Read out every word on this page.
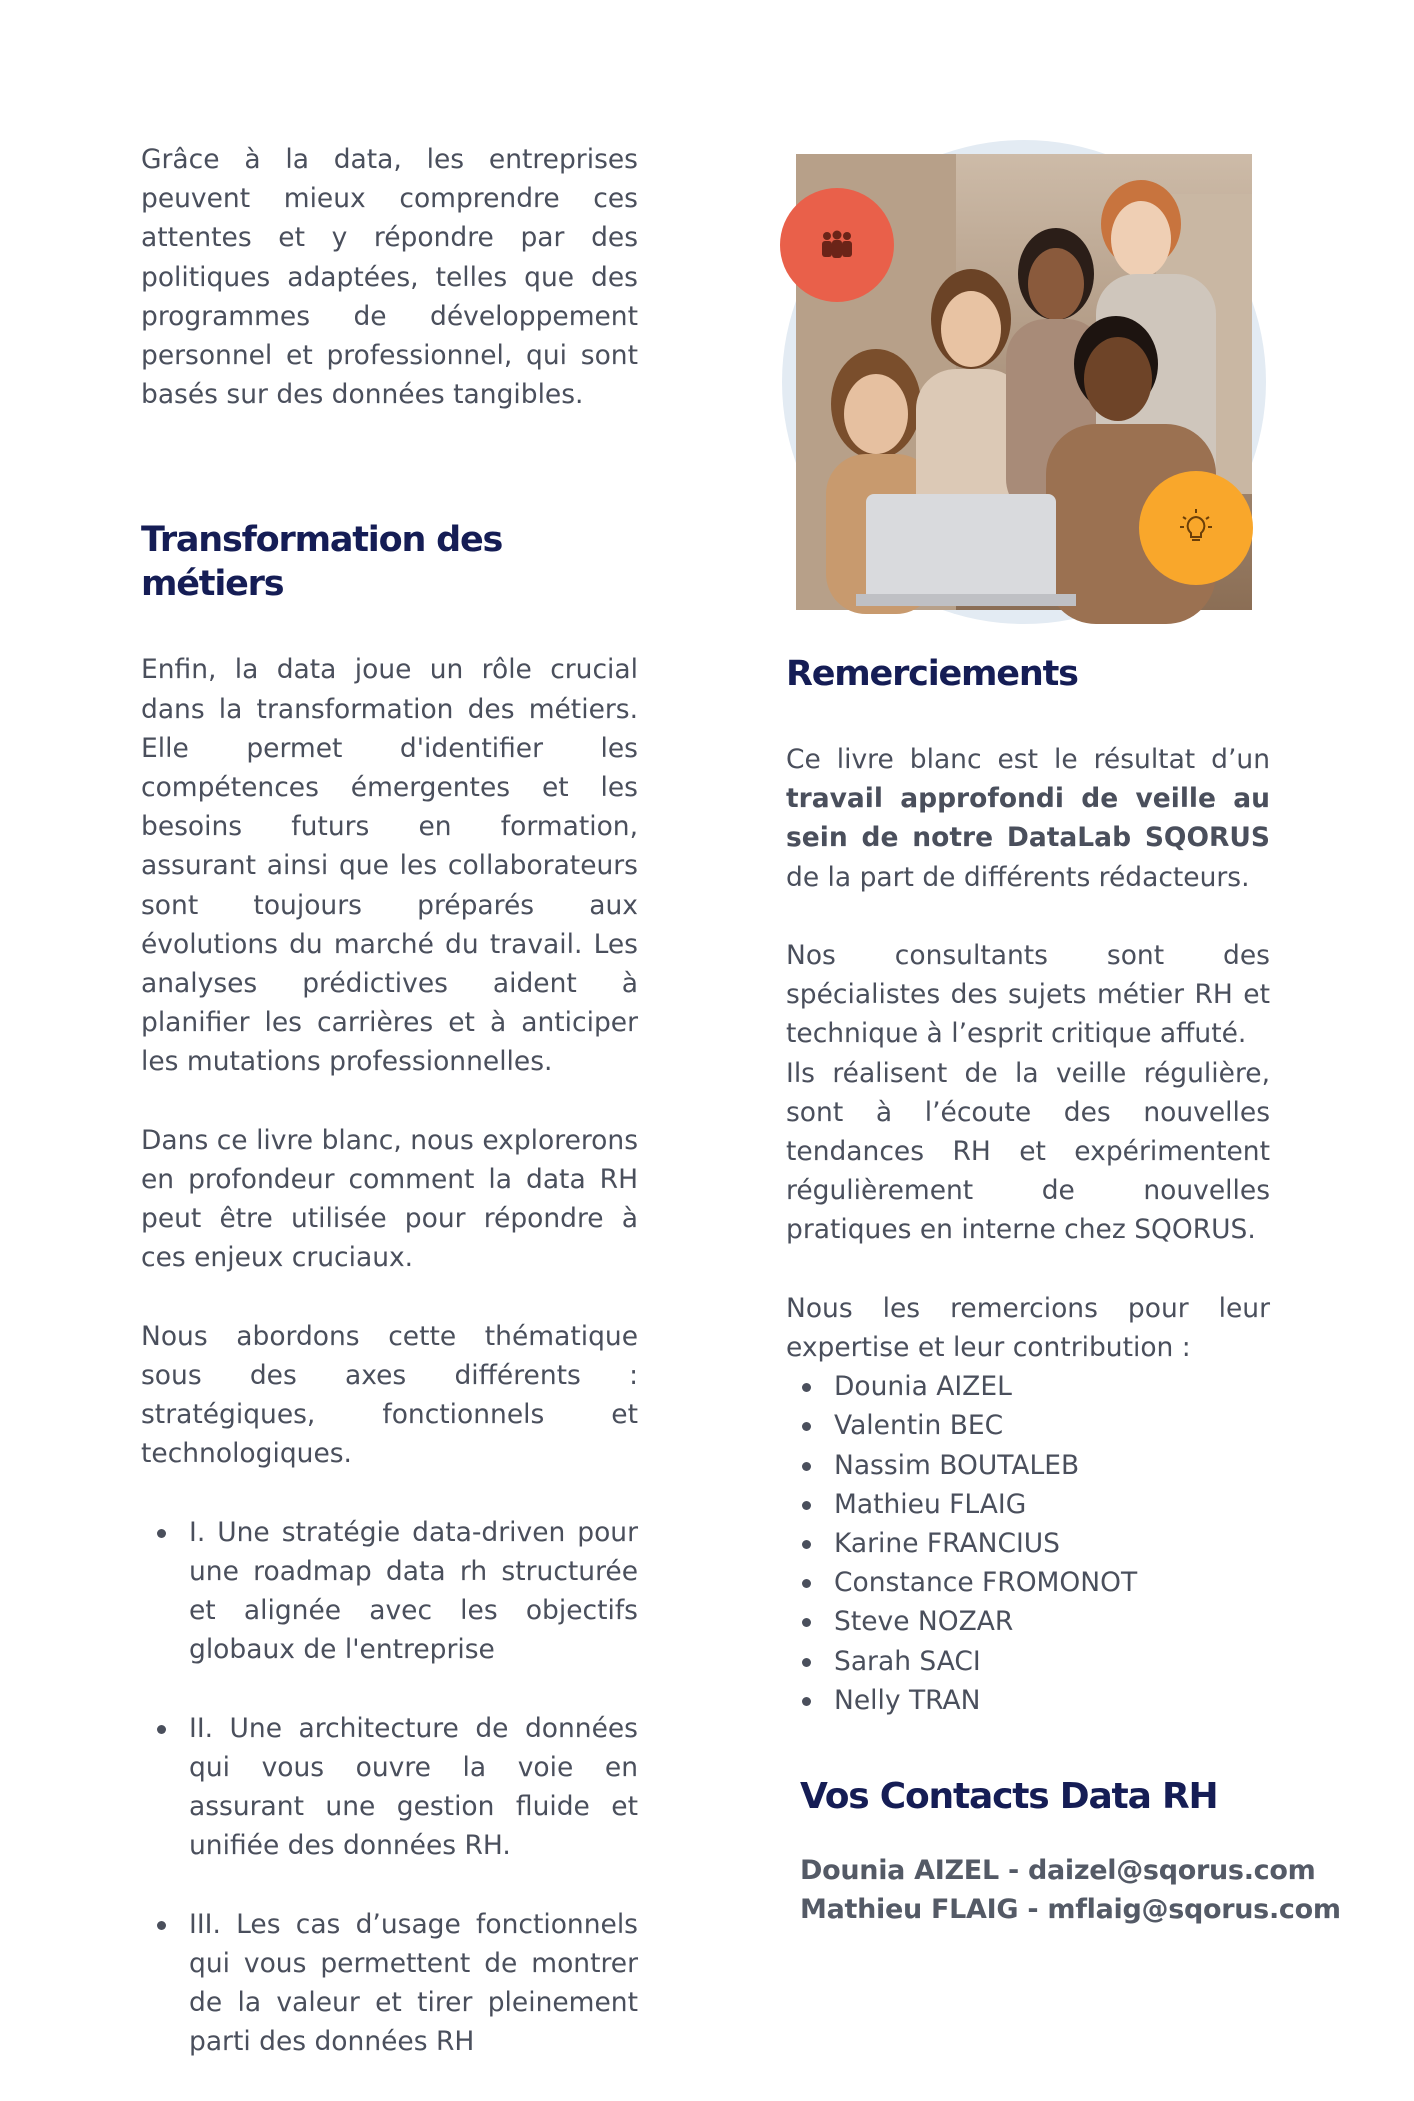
Grâce à la data, les entreprises peuvent mieux comprendre ces attentes et y répondre par des politiques adaptées, telles que des programmes de développement personnel et professionnel, qui sont basés sur des données tangibles.

Transformation des métiers

Enfin, la data joue un rôle crucial dans la transformation des métiers. Elle permet d'identifier les compétences émergentes et les besoins futurs en formation, assurant ainsi que les collaborateurs sont toujours préparés aux évolutions du marché du travail. Les analyses prédictives aident à planifier les carrières et à anticiper les mutations professionnelles.

Dans ce livre blanc, nous explorerons en profondeur comment la data RH peut être utilisée pour répondre à ces enjeux cruciaux.

Nous abordons cette thématique sous des axes différents : stratégiques, fonctionnels et technologiques.

I. Une stratégie data-driven pour une roadmap data rh structurée et alignée avec les objectifs globaux de l'entreprise
II. Une architecture de données qui vous ouvre la voie en assurant une gestion fluide et unifiée des données RH.
III. Les cas d’usage fonctionnels qui vous permettent de montrer de la valeur et tirer pleinement parti des données RH
Remerciements

Ce livre blanc est le résultat d’un travail approfondi de veille au sein de notre DataLab SQORUS de la part de différents rédacteurs.

Nos consultants sont des spécialistes des sujets métier RH et technique à l’esprit critique affuté.

Ils réalisent de la veille régulière, sont à l’écoute des nouvelles tendances RH et expérimentent régulièrement de nouvelles pratiques en interne chez SQORUS.

Nous les remercions pour leur expertise et leur contribution :

Dounia AIZEL
Valentin BEC
Nassim BOUTALEB
Mathieu FLAIG
Karine FRANCIUS
Constance FROMONOT
Steve NOZAR
Sarah SACI
Nelly TRAN
Vos Contacts Data RH
Dounia AIZEL - daizel@sqorus.com
Mathieu FLAIG - mflaig@sqorus.com
